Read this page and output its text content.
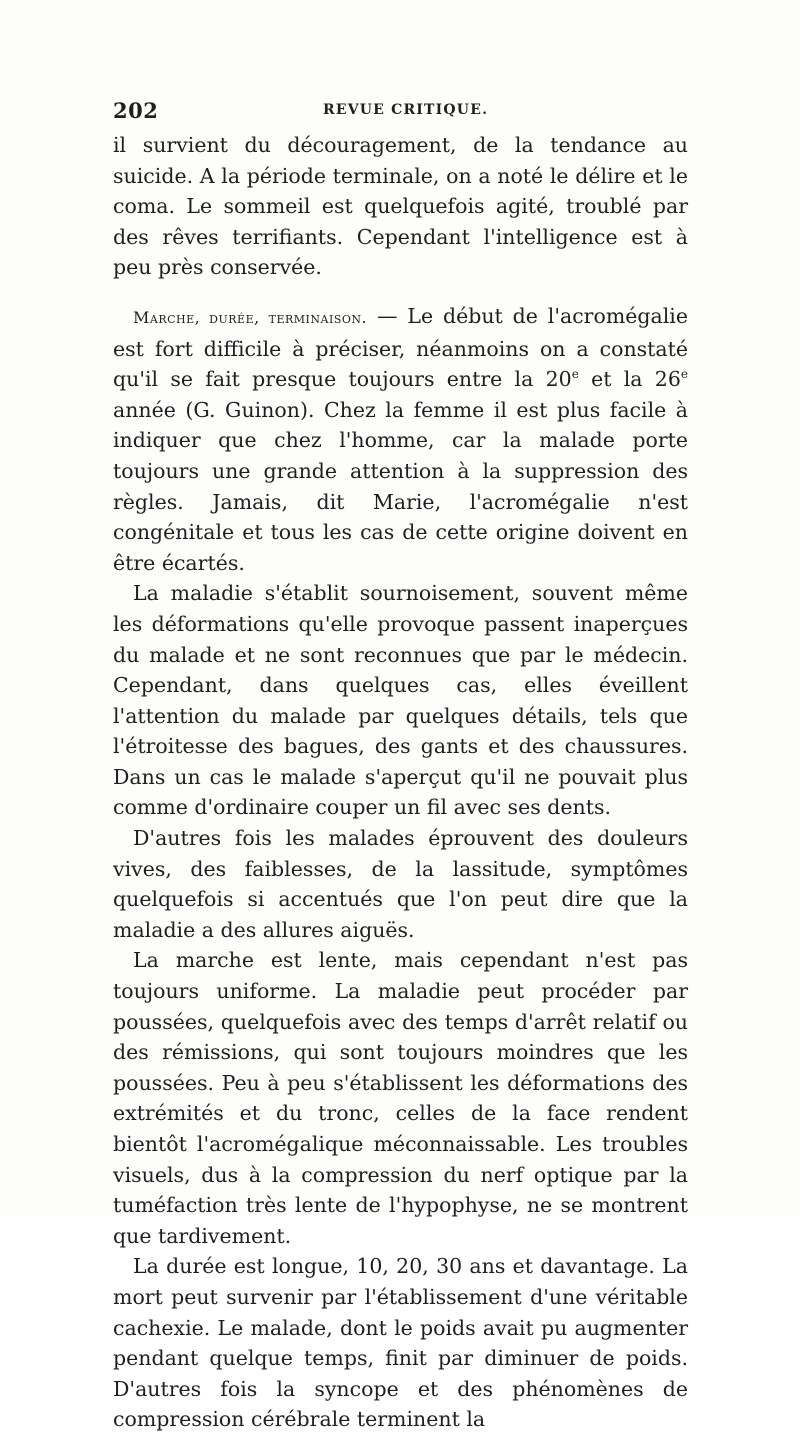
202	REVUE CRITIQUE.

il survient du découragement, de la tendance au suicide. A la période terminale, on a noté le délire et le coma. Le sommeil est quelquefois agité, troublé par des rêves terrifiants. Cependant l'intelligence est à peu près conservée.

Marche, durée, terminaison. — Le début de l'acromégalie est fort difficile à préciser, néanmoins on a constaté qu'il se fait presque toujours entre la 20e et la 26e année (G. Guinon). Chez la femme il est plus facile à indiquer que chez l'homme, car la malade porte toujours une grande attention à la suppression des règles. Jamais, dit Marie, l'acromégalie n'est congénitale et tous les cas de cette origine doivent en être écartés.

La maladie s'établit sournoisement, souvent même les déformations qu'elle provoque passent inaperçues du malade et ne sont reconnues que par le médecin. Cependant, dans quelques cas, elles éveillent l'attention du malade par quelques détails, tels que l'étroitesse des bagues, des gants et des chaussures. Dans un cas le malade s'aperçut qu'il ne pouvait plus comme d'ordinaire couper un fil avec ses dents.

D'autres fois les malades éprouvent des douleurs vives, des faiblesses, de la lassitude, symptômes quelquefois si accentués que l'on peut dire que la maladie a des allures aiguës.

La marche est lente, mais cependant n'est pas toujours uniforme. La maladie peut procéder par poussées, quelquefois avec des temps d'arrêt relatif ou des rémissions, qui sont toujours moindres que les poussées. Peu à peu s'établissent les déformations des extrémités et du tronc, celles de la face rendent bientôt l'acromégalique méconnaissable. Les troubles visuels, dus à la compression du nerf optique par la tuméfaction très lente de l'hypophyse, ne se montrent que tardivement.

La durée est longue, 10, 20, 30 ans et davantage. La mort peut survenir par l'établissement d'une véritable cachexie. Le malade, dont le poids avait pu augmenter pendant quelque temps, finit par diminuer de poids. D'autres fois la syncope et des phénomènes de compression cérébrale terminent la
